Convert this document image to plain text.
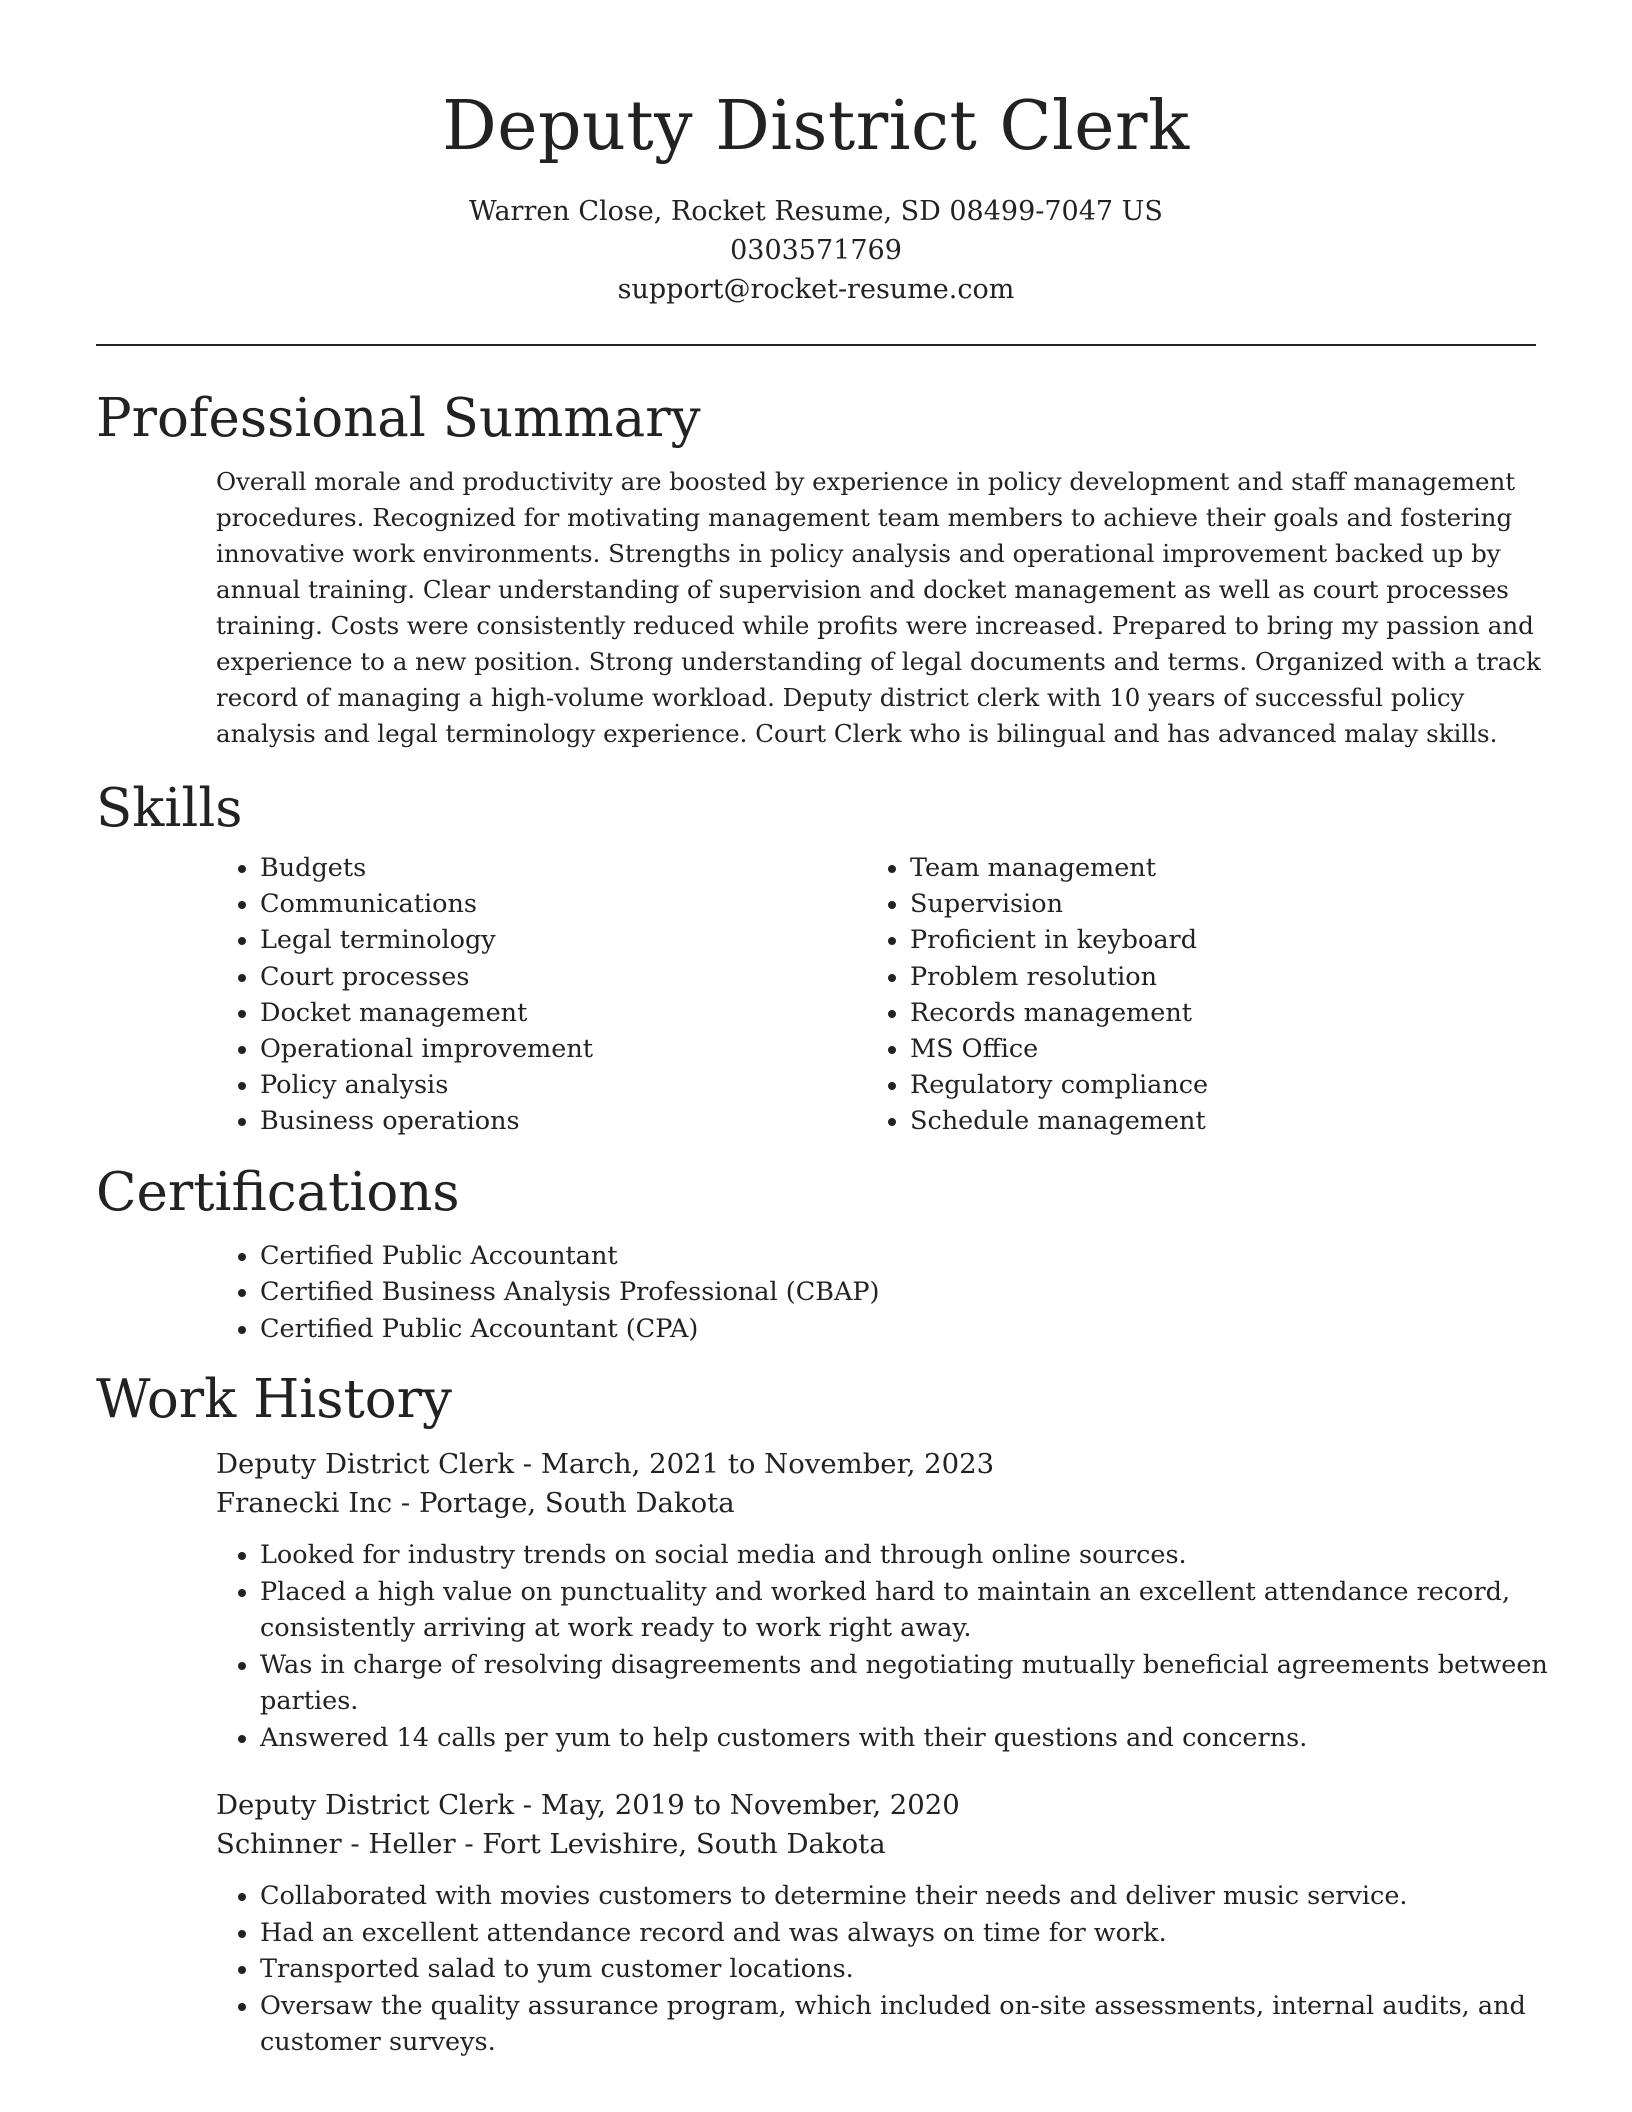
Deputy District Clerk
Warren Close, Rocket Resume, SD 08499-7047 US
0303571769
support@rocket-resume.com
Professional Summary

Overall morale and productivity are boosted by experience in policy development and staff management procedures. Recognized for motivating management team members to achieve their goals and fostering innovative work environments. Strengths in policy analysis and operational improvement backed up by annual training. Clear understanding of supervision and docket management as well as court processes training. Costs were consistently reduced while profits were increased. Prepared to bring my passion and experience to a new position. Strong understanding of legal documents and terms. Organized with a track record of managing a high-volume workload. Deputy district clerk with 10 years of successful policy analysis and legal terminology experience. Court Clerk who is bilingual and has advanced malay skills.

Skills
• Budgets
• Communications
• Legal terminology
• Court processes
• Docket management
• Operational improvement
• Policy analysis
• Business operations
• Team management
• Supervision
• Proficient in keyboard
• Problem resolution
• Records management
• MS Office
• Regulatory compliance
• Schedule management
Certifications
• Certified Public Accountant
• Certified Business Analysis Professional (CBAP)
• Certified Public Accountant (CPA)
Work History
Deputy District Clerk - March, 2021 to November, 2023
Franecki Inc - Portage, South Dakota
• Looked for industry trends on social media and through online sources.
• Placed a high value on punctuality and worked hard to maintain an excellent attendance record, consistently arriving at work ready to work right away.
• Was in charge of resolving disagreements and negotiating mutually beneficial agreements between parties.
• Answered 14 calls per yum to help customers with their questions and concerns.
Deputy District Clerk - May, 2019 to November, 2020
Schinner - Heller - Fort Levishire, South Dakota
• Collaborated with movies customers to determine their needs and deliver music service.
• Had an excellent attendance record and was always on time for work.
• Transported salad to yum customer locations.
• Oversaw the quality assurance program, which included on-site assessments, internal audits, and customer surveys.
